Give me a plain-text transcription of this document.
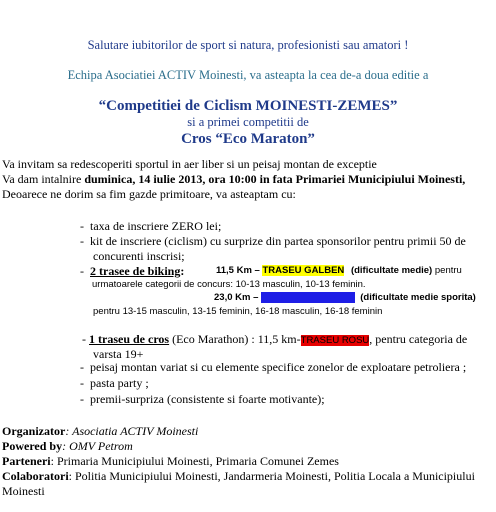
Salutare iubitorilor de sport si natura, profesionisti sau amatori !
Echipa Asociatiei ACTIV Moinesti, va asteapta la cea de-a doua editie a
“Competitiei de Ciclism MOINESTI-ZEMES”
si a primei competitii de
Cros “Eco Maraton”
Va invitam sa redescoperiti sportul in aer liber si un peisaj montan de exceptie
Va dam intalnire duminica, 14 iulie 2013, ora 10:00 in fata Primariei Municipiului Moinesti,
Deoarece ne dorim sa fim gazde primitoare, va asteaptam cu:
-  taxa de inscriere ZERO lei;
-  kit de inscriere (ciclism) cu surprize din partea sponsorilor pentru primii 50 de
concurenti inscrisi;
-  2 trasee de biking:	11,5 Km – TRASEU GALBEN (dificultate medie) pentru
urmatoarele categorii de concurs: 10-13 masculin, 10-13 feminin.
23,0 Km – TRASEU ALBASTRU (dificultate medie sporita)
pentru 13-15 masculin, 13-15 feminin, 16-18 masculin, 16-18 feminin
- 1 traseu de cros (Eco Marathon) : 11,5 km-TRASEU ROSU, pentru categoria de
varsta 19+
-  peisaj montan variat si cu elemente specifice zonelor de exploatare petroliera ;
-  pasta party ;
-  premii-surpriza (consistente si foarte motivante);
Organizator: Asociatia ACTIV Moinesti
Powered by: OMV Petrom
Parteneri: Primaria Municipiului Moinesti, Primaria Comunei Zemes
Colaboratori: Politia Municipiului Moinesti, Jandarmeria Moinesti, Politia Locala a Municipiului
Moinesti
